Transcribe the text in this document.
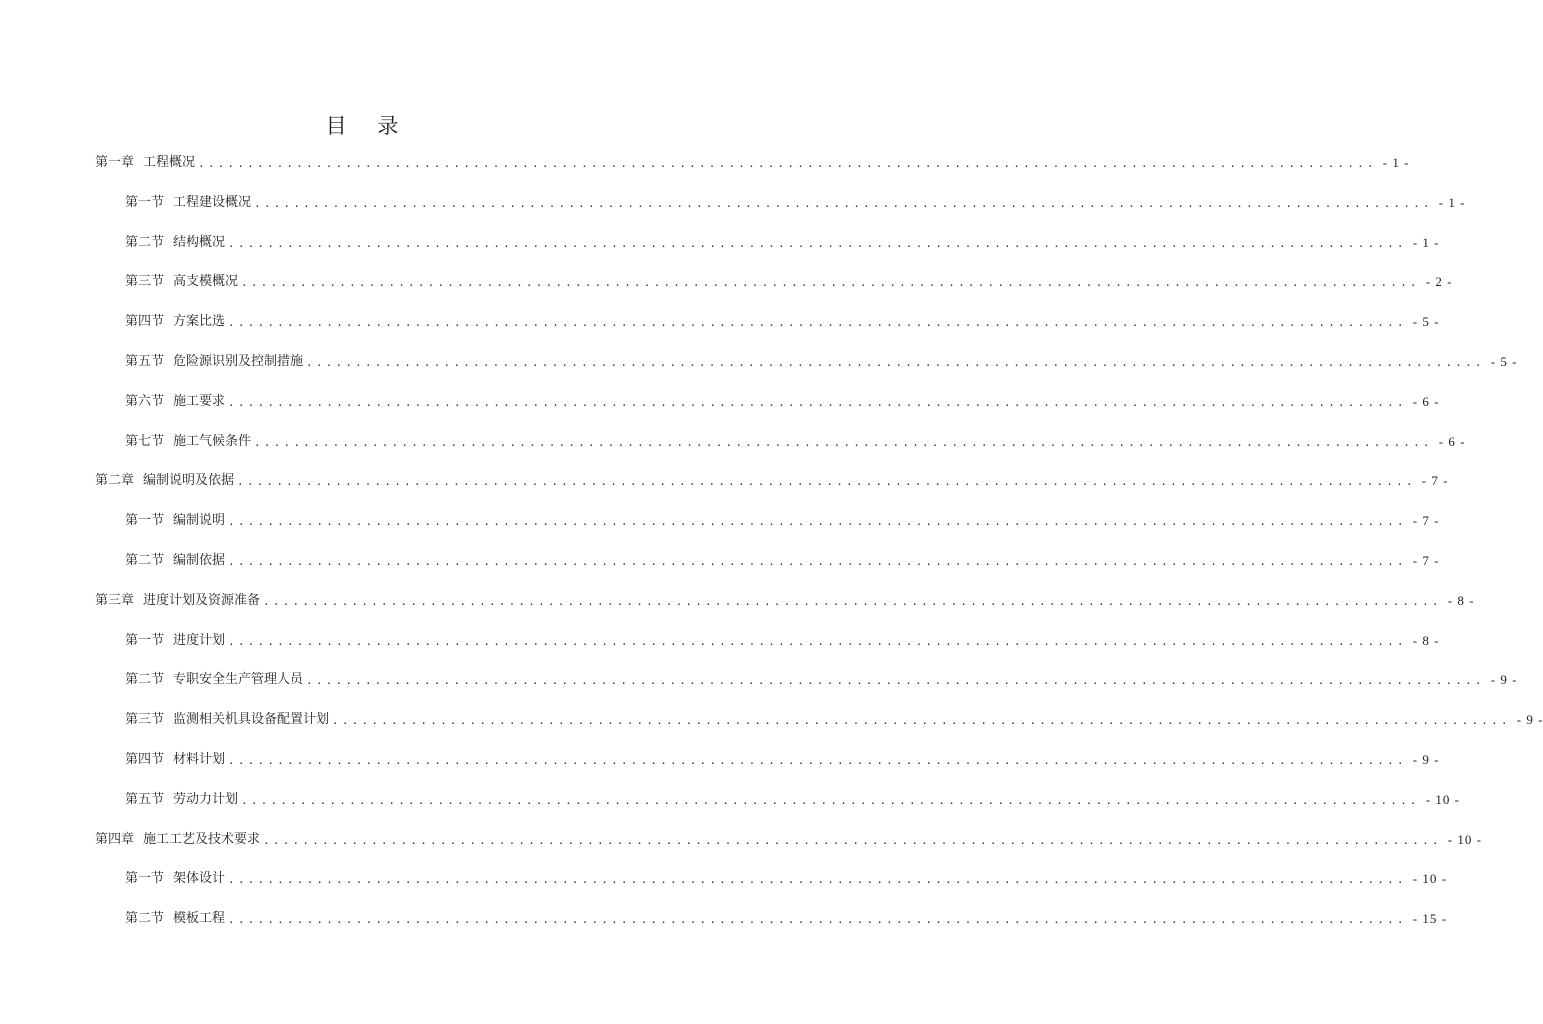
目 录
第一章 工程概况 ........................................................................................................................ - 1 -
第一节 工程建设概况 ........................................................................................................................ - 1 -
第二节 结构概况 ........................................................................................................................ - 1 -
第三节 高支模概况 ........................................................................................................................ - 2 -
第四节 方案比选 ........................................................................................................................ - 5 -
第五节 危险源识别及控制措施 ........................................................................................................................ - 5 -
第六节 施工要求 ........................................................................................................................ - 6 -
第七节 施工气候条件 ........................................................................................................................ - 6 -
第二章 编制说明及依据 ........................................................................................................................ - 7 -
第一节 编制说明 ........................................................................................................................ - 7 -
第二节 编制依据 ........................................................................................................................ - 7 -
第三章 进度计划及资源准备 ........................................................................................................................ - 8 -
第一节 进度计划 ........................................................................................................................ - 8 -
第二节 专职安全生产管理人员 ........................................................................................................................ - 9 -
第三节 监测相关机具设备配置计划 ........................................................................................................................ - 9 -
第四节 材料计划 ........................................................................................................................ - 9 -
第五节 劳动力计划 ........................................................................................................................ - 10 -
第四章 施工工艺及技术要求 ........................................................................................................................ - 10 -
第一节 架体设计 ........................................................................................................................ - 10 -
第二节 模板工程 ........................................................................................................................ - 15 -
